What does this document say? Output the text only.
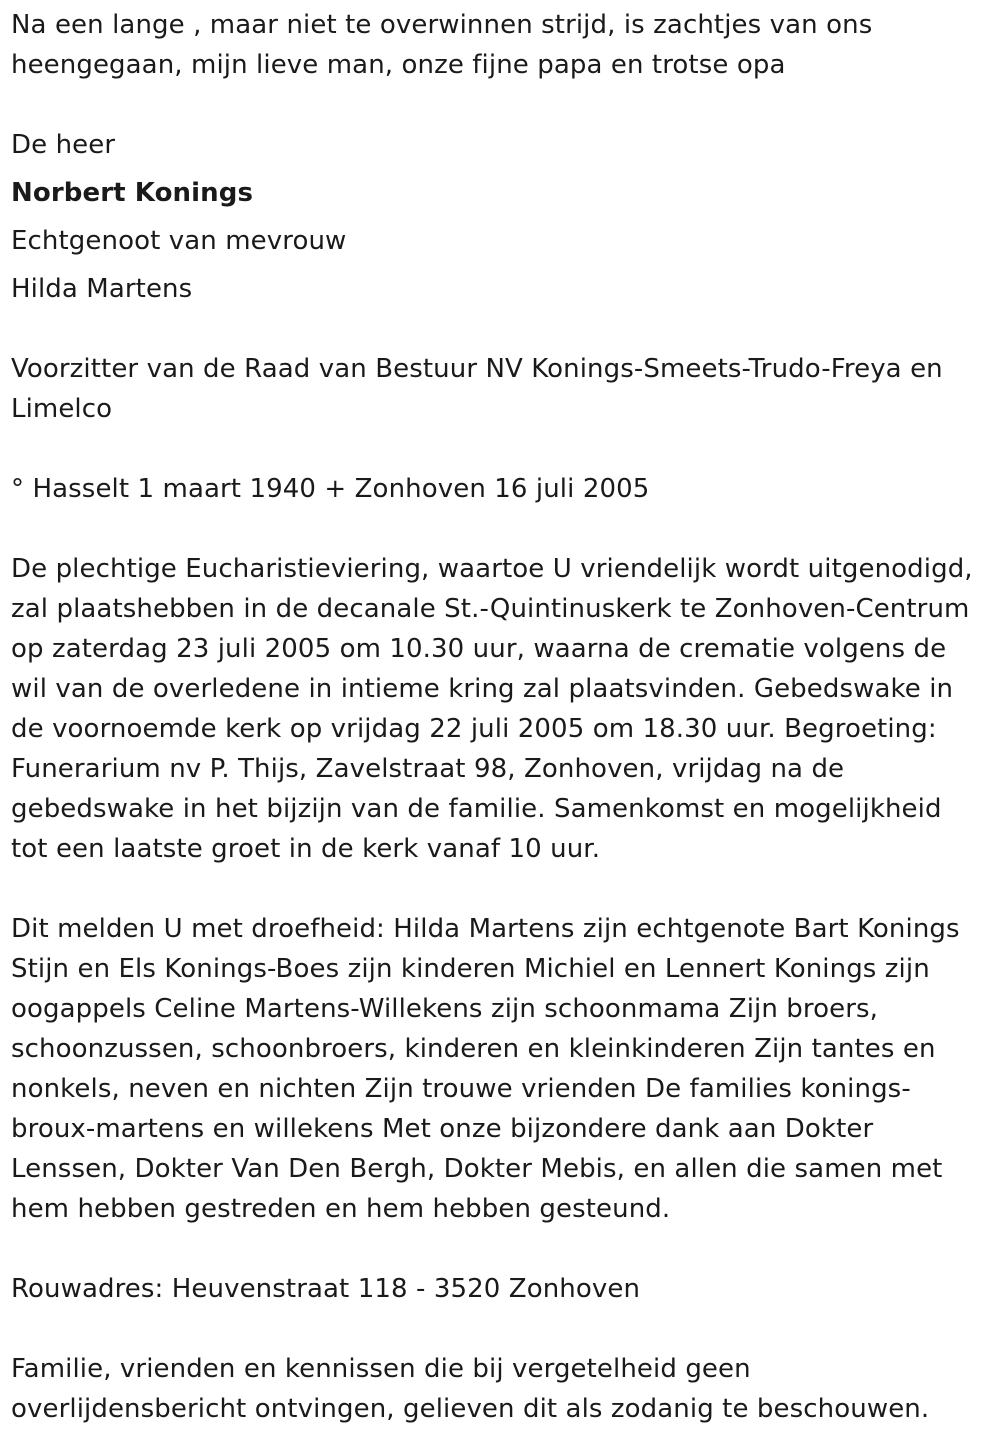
Na een lange , maar niet te overwinnen strijd, is zachtjes van ons
heengegaan, mijn lieve man, onze fijne papa en trotse opa

De heer

Norbert Konings

Echtgenoot van mevrouw

Hilda Martens

Voorzitter van de Raad van Bestuur NV Konings-Smeets-Trudo-Freya en
Limelco

° Hasselt 1 maart 1940 + Zonhoven 16 juli 2005

De plechtige Eucharistieviering, waartoe U vriendelijk wordt uitgenodigd,
zal plaatshebben in de decanale St.-Quintinuskerk te Zonhoven-Centrum
op zaterdag 23 juli 2005 om 10.30 uur, waarna de crematie volgens de
wil van de overledene in intieme kring zal plaatsvinden. Gebedswake in
de voornoemde kerk op vrijdag 22 juli 2005 om 18.30 uur. Begroeting:
Funerarium nv P. Thijs, Zavelstraat 98, Zonhoven, vrijdag na de
gebedswake in het bijzijn van de familie. Samenkomst en mogelijkheid
tot een laatste groet in de kerk vanaf 10 uur.

Dit melden U met droefheid: Hilda Martens zijn echtgenote Bart Konings
Stijn en Els Konings-Boes zijn kinderen Michiel en Lennert Konings zijn
oogappels Celine Martens-Willekens zijn schoonmama Zijn broers,
schoonzussen, schoonbroers, kinderen en kleinkinderen Zijn tantes en
nonkels, neven en nichten Zijn trouwe vrienden De families konings-
broux-martens en willekens Met onze bijzondere dank aan Dokter
Lenssen, Dokter Van Den Bergh, Dokter Mebis, en allen die samen met
hem hebben gestreden en hem hebben gesteund.

Rouwadres: Heuvenstraat 118 - 3520 Zonhoven

Familie, vrienden en kennissen die bij vergetelheid geen
overlijdensbericht ontvingen, gelieven dit als zodanig te beschouwen.
